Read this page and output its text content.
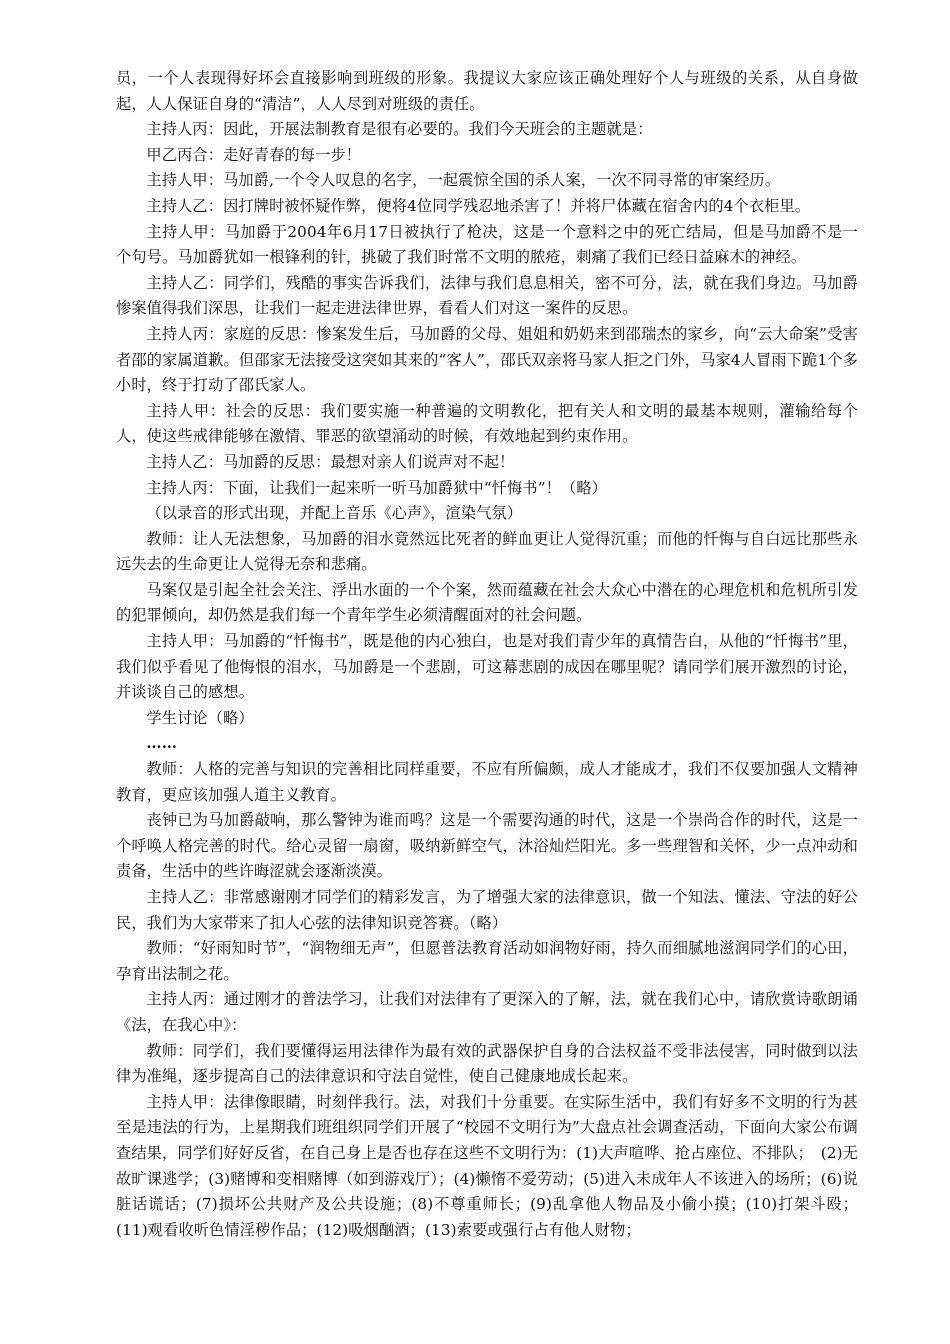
员，一个人表现得好坏会直接影响到班级的形象。我提议大家应该正确处理好个人与班级的关系，从自身做起，人人保证自身的“清洁”，人人尽到对班级的责任。

主持人丙：因此，开展法制教育是很有必要的。我们今天班会的主题就是：

甲乙丙合：走好青春的每一步！

主持人甲：马加爵,一个令人叹息的名字，一起震惊全国的杀人案，一次不同寻常的审案经历。

主持人乙：因打牌时被怀疑作弊，便将4位同学残忍地杀害了！并将尸体藏在宿舍内的4个衣柜里。

主持人甲：马加爵于2004年6月17日被执行了枪决，这是一个意料之中的死亡结局，但是马加爵不是一个句号。马加爵犹如一根锋利的针，挑破了我们时常不文明的脓疮，刺痛了我们已经日益麻木的神经。

主持人乙：同学们，残酷的事实告诉我们，法律与我们息息相关，密不可分，法，就在我们身边。马加爵惨案值得我们深思，让我们一起走进法律世界，看看人们对这一案件的反思。

主持人丙：家庭的反思：惨案发生后，马加爵的父母、姐姐和奶奶来到邵瑞杰的家乡，向“云大命案”受害者邵的家属道歉。但邵家无法接受这突如其来的“客人”，邵氏双亲将马家人拒之门外，马家4人冒雨下跪1个多小时，终于打动了邵氏家人。

主持人甲：社会的反思：我们要实施一种普遍的文明教化，把有关人和文明的最基本规则，灌输给每个人，使这些戒律能够在激情、罪恶的欲望涌动的时候，有效地起到约束作用。

主持人乙：马加爵的反思：最想对亲人们说声对不起！

主持人丙：下面，让我们一起来听一听马加爵狱中“忏悔书”！（略）

（以录音的形式出现，并配上音乐《心声》，渲染气氛）

教师：让人无法想象，马加爵的泪水竟然远比死者的鲜血更让人觉得沉重；而他的忏悔与自白远比那些永远失去的生命更让人觉得无奈和悲痛。

马案仅是引起全社会关注、浮出水面的一个个案，然而蕴藏在社会大众心中潜在的心理危机和危机所引发的犯罪倾向，却仍然是我们每一个青年学生必须清醒面对的社会问题。

主持人甲：马加爵的“忏悔书”，既是他的内心独白，也是对我们青少年的真情告白，从他的“忏悔书”里，我们似乎看见了他悔恨的泪水，马加爵是一个悲剧，可这幕悲剧的成因在哪里呢？请同学们展开激烈的讨论，并谈谈自己的感想。

学生讨论（略）

……

教师：人格的完善与知识的完善相比同样重要，不应有所偏颇，成人才能成才，我们不仅要加强人文精神教育，更应该加强人道主义教育。

丧钟已为马加爵敲响，那么警钟为谁而鸣？这是一个需要沟通的时代，这是一个崇尚合作的时代，这是一个呼唤人格完善的时代。给心灵留一扇窗，吸纳新鲜空气，沐浴灿烂阳光。多一些理智和关怀，少一点冲动和责备，生活中的些许晦涩就会逐渐淡漠。

主持人乙：非常感谢刚才同学们的精彩发言，为了增强大家的法律意识，做一个知法、懂法、守法的好公民，我们为大家带来了扣人心弦的法律知识竞答赛。（略）

教师：“好雨知时节”，“润物细无声”，但愿普法教育活动如润物好雨，持久而细腻地滋润同学们的心田，孕育出法制之花。

主持人丙：通过刚才的普法学习，让我们对法律有了更深入的了解，法，就在我们心中，请欣赏诗歌朗诵《法，在我心中》：

教师：同学们，我们要懂得运用法律作为最有效的武器保护自身的合法权益不受非法侵害，同时做到以法律为准绳，逐步提高自己的法律意识和守法自觉性，使自己健康地成长起来。

主持人甲：法律像眼睛，时刻伴我行。法，对我们十分重要。在实际生活中，我们有好多不文明的行为甚至是违法的行为，上星期我们班组织同学们开展了“校园不文明行为”大盘点社会调查活动，下面向大家公布调查结果，同学们好好反省，在自己身上是否也存在这些不文明行为：(1)大声喧哗、抢占座位、不排队；　(2)无故旷课逃学；(3)赌博和变相赌博（如到游戏厅）；(4)懒惰不爱劳动；(5)进入未成年人不该进入的场所；(6)说脏话谎话；(7)损坏公共财产及公共设施；(8)不尊重师长；(9)乱拿他人物品及小偷小摸；(10)打架斗殴；(11)观看收听色情淫秽作品；(12)吸烟酗酒；(13)索要或强行占有他人财物；
